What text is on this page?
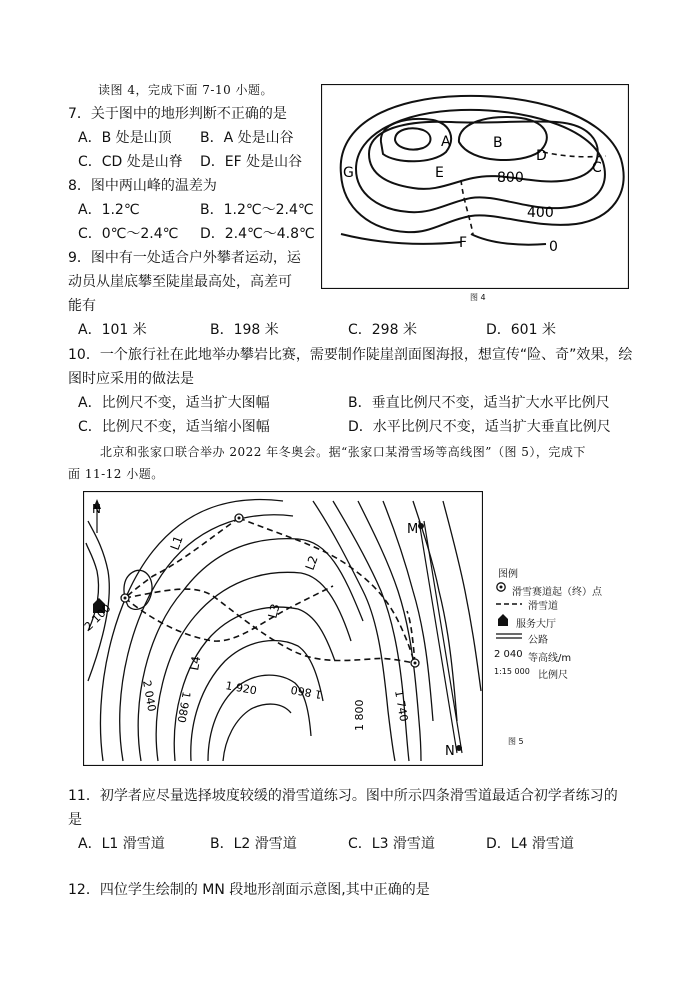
读图 4，完成下面 7-10 小题。
7．关于图中的地形判断不正确的是
A．B 处是山顶 B．A 处是山谷
C．CD 处是山脊 D．EF 处是山谷
8．图中两山峰的温差为
A．1.2℃	B．1.2℃～2.4℃
C．0℃～2.4℃ D．2.4℃～4.8℃
9．图中有一处适合户外攀者运动，运
动员从崖底攀至陡崖最高处，高差可
能有
A．101 米	B．198 米	C．298 米	D．601 米
10．一个旅行社在此地举办攀岩比赛，需要制作陡崖剖面图海报，想宣传“险、奇”效果，绘
图时应采用的做法是
A．比例尺不变，适当扩大图幅	B．垂直比例尺不变，适当扩大水平比例尺
C．比例尺不变，适当缩小图幅	D．水平比例尺不变，适当扩大垂直比例尺
北京和张家口联合举办 2022 年冬奥会。据“张家口某滑雪场等高线图”（图 5），完成下
面 11-12 小题。
A	B
C
D
E
F
G	800
400
0
图 4
N
M
N
L1
L2
L3
L4
2 100
2 040 1 980
1 920	1 860
1 800 1 740
图例
滑雪赛道起（终）点
滑雪道
服务大厅
公路
2 040 等高线/m
1:15 000 比例尺
图 5
11．初学者应尽量选择坡度较缓的滑雪道练习。图中所示四条滑雪道最适合初学者练习的
是
A．L1 滑雪道	B．L2 滑雪道	C．L3 滑雪道	D．L4 滑雪道
12．四位学生绘制的 MN 段地形剖面示意图,其中正确的是
